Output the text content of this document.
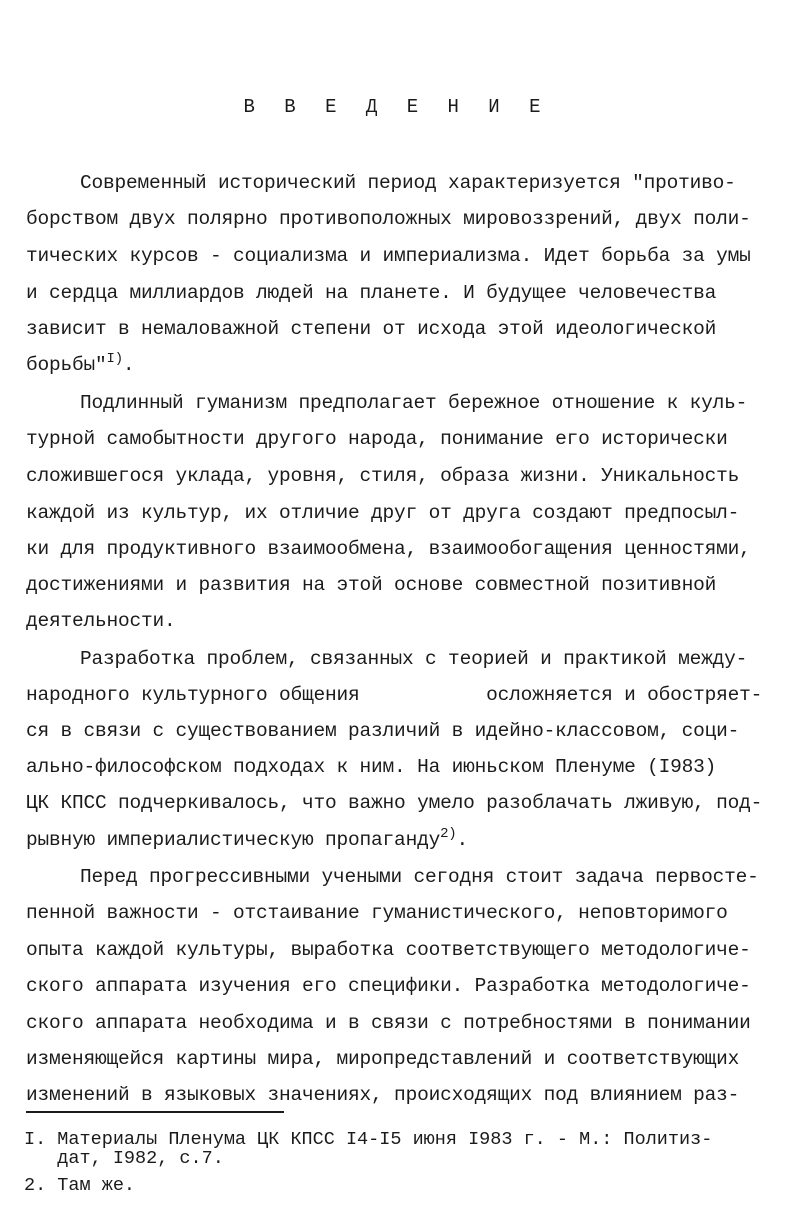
В В Е Д Е Н И Е
Современный исторический период характеризуется "противо-
борством двух полярно противоположных мировоззрений, двух поли-
тических курсов - социализма и империализма. Идет борьба за умы
и сердца миллиардов людей на планете. И будущее человечества
зависит в немаловажной степени от исхода этой идеологической
борьбы"$^{I)}$.
Подлинный гуманизм предполагает бережное отношение к куль-
турной самобытности другого народа, понимание его исторически
сложившегося уклада, уровня, стиля, образа жизни. Уникальность
каждой из культур, их отличие друг от друга создают предпосыл-
ки для продуктивного взаимообмена, взаимообогащения ценностями,
достижениями и развития на этой основе совместной позитивной
деятельности.
Разработка проблем, связанных с теорией и практикой между-
народного культурного общения           осложняется и обостряет-
ся в связи с существованием различий в идейно-классовом, соци-
ально-философском подходах к ним. На июньском Пленуме (I983)
ЦК КПСС подчеркивалось, что важно умело разоблачать лживую, под-
рывную империалистическую пропаганду$^{2)}$.
Перед прогрессивными учеными сегодня стоит задача первосте-
пенной важности - отстаивание гуманистического, неповторимого
опыта каждой культуры, выработка соответствующего методологиче-
ского аппарата изучения его специфики. Разработка методологиче-
ского аппарата необходима и в связи с потребностями в понимании
изменяющейся картины мира, миропредставлений и соответствующих
изменений в языковых значениях, происходящих под влиянием раз-
I. Материалы Пленума ЦК КПСС I4-I5 июня I983 г. - М.: Политиз-
дат, I982, с.7.
2. Там же.
